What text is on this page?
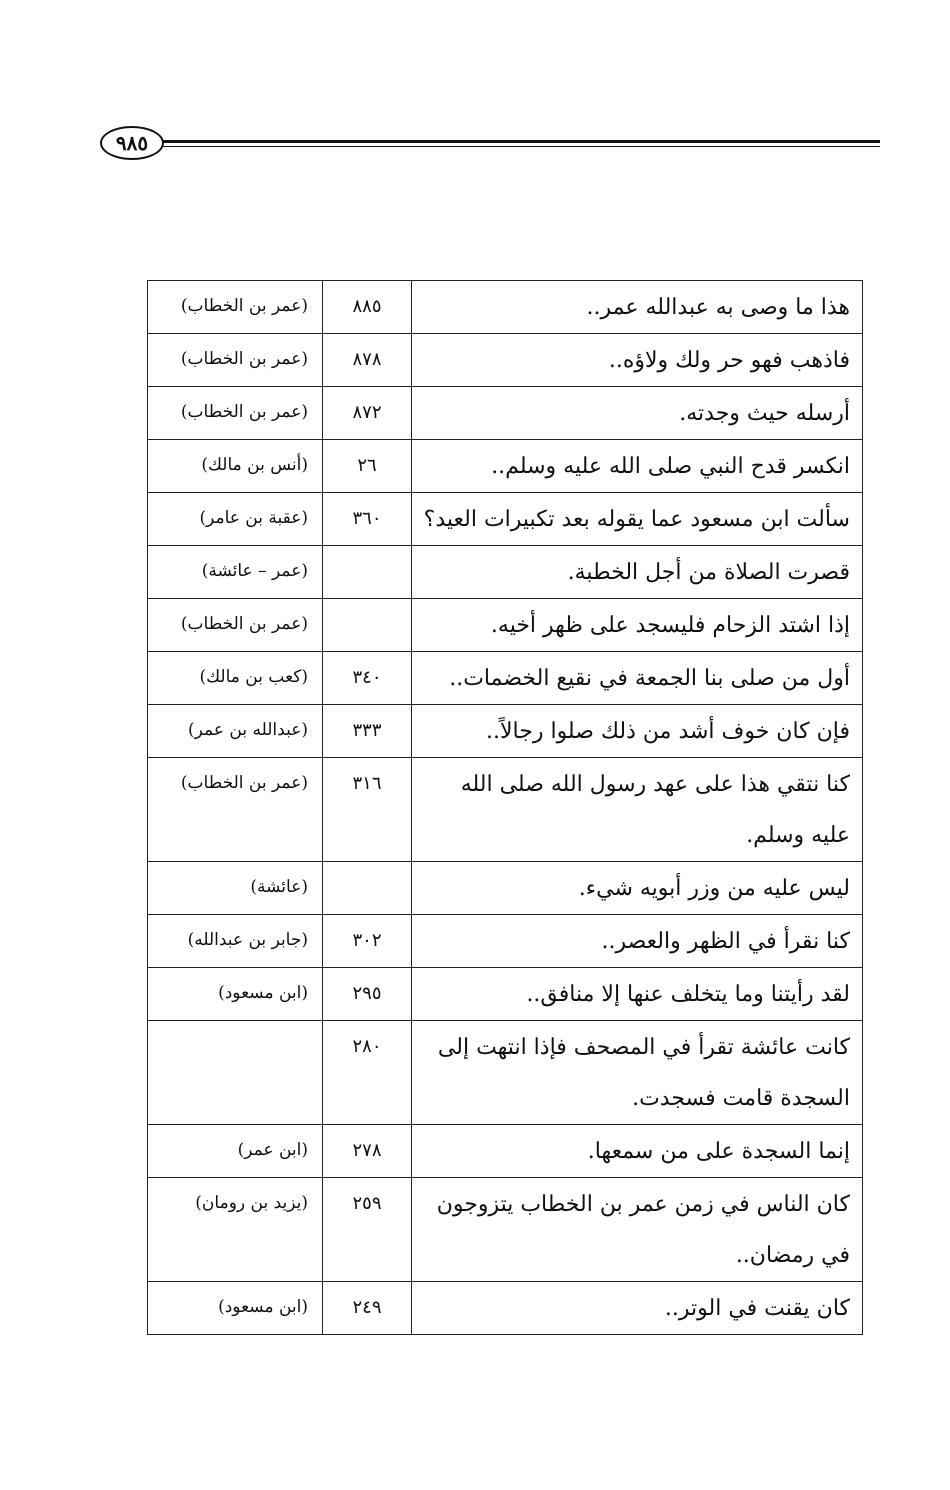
٩٨٥
هذا ما وصى به عبدالله عمر..	٨٨٥	(عمر بن الخطاب)
فاذهب فهو حر ولك ولاؤه..	٨٧٨	(عمر بن الخطاب)
أرسله حيث وجدته.	٨٧٢	(عمر بن الخطاب)
انكسر قدح النبي صلى الله عليه وسلم..	٢٦	(أنس بن مالك)
سألت ابن مسعود عما يقوله بعد تكبيرات العيد؟	٣٦٠	(عقبة بن عامر)
قصرت الصلاة من أجل الخطبة.		(عمر – عائشة)
إذا اشتد الزحام فليسجد على ظهر أخيه.		(عمر بن الخطاب)
أول من صلى بنا الجمعة في نقيع الخضمات..	٣٤٠	(كعب بن مالك)
فإن كان خوف أشد من ذلك صلوا رجالاً..	٣٣٣	(عبدالله بن عمر)
كنا نتقي هذا على عهد رسول الله صلى الله عليه وسلم.	٣١٦	(عمر بن الخطاب)
ليس عليه من وزر أبويه شيء.		(عائشة)
كنا نقرأ في الظهر والعصر..	٣٠٢	(جابر بن عبدالله)
لقد رأيتنا وما يتخلف عنها إلا منافق..	٢٩٥	(ابن مسعود)
كانت عائشة تقرأ في المصحف فإذا انتهت إلى السجدة قامت فسجدت.	٢٨٠	
إنما السجدة على من سمعها.	٢٧٨	(ابن عمر)
كان الناس في زمن عمر بن الخطاب يتزوجون في رمضان..	٢٥٩	(يزيد بن رومان)
كان يقنت في الوتر..	٢٤٩	(ابن مسعود)
